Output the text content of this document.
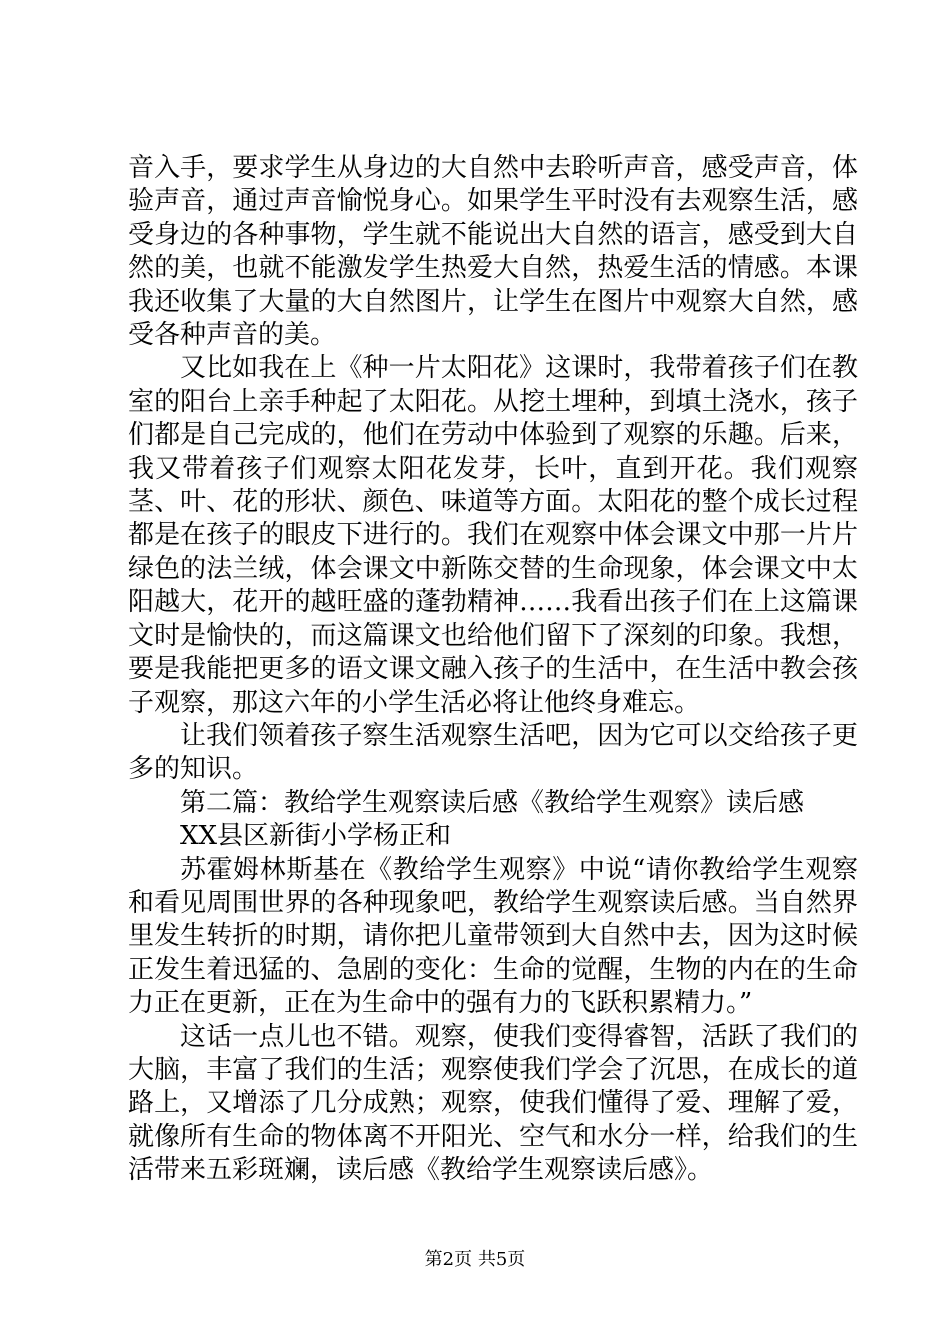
音入手，要求学生从身边的大自然中去聆听声音，感受声音，体验声音，通过声音愉悦身心。如果学生平时没有去观察生活，感受身边的各种事物，学生就不能说出大自然的语言，感受到大自然的美，也就不能激发学生热爱大自然，热爱生活的情感。本课我还收集了大量的大自然图片，让学生在图片中观察大自然，感受各种声音的美。

又比如我在上《种一片太阳花》这课时，我带着孩子们在教室的阳台上亲手种起了太阳花。从挖土埋种，到填土浇水，孩子们都是自己完成的，他们在劳动中体验到了观察的乐趣。后来，我又带着孩子们观察太阳花发芽，长叶，直到开花。我们观察茎、叶、花的形状、颜色、味道等方面。太阳花的整个成长过程都是在孩子的眼皮下进行的。我们在观察中体会课文中那一片片绿色的法兰绒，体会课文中新陈交替的生命现象，体会课文中太阳越大，花开的越旺盛的蓬勃精神……我看出孩子们在上这篇课文时是愉快的，而这篇课文也给他们留下了深刻的印象。我想，要是我能把更多的语文课文融入孩子的生活中，在生活中教会孩子观察，那这六年的小学生活必将让他终身难忘。

让我们领着孩子察生活观察生活吧，因为它可以交给孩子更多的知识。

第二篇：教给学生观察读后感《教给学生观察》读后感

XX县区新街小学杨正和

苏霍姆林斯基在《教给学生观察》中说“请你教给学生观察和看见周围世界的各种现象吧，教给学生观察读后感。当自然界里发生转折的时期，请你把儿童带领到大自然中去，因为这时候正发生着迅猛的、急剧的变化：生命的觉醒，生物的内在的生命力正在更新，正在为生命中的强有力的飞跃积累精力。”

这话一点儿也不错。观察，使我们变得睿智，活跃了我们的大脑，丰富了我们的生活；观察使我们学会了沉思，在成长的道路上，又增添了几分成熟；观察，使我们懂得了爱、理解了爱，就像所有生命的物体离不开阳光、空气和水分一样，给我们的生活带来五彩斑斓，读后感《教给学生观察读后感》。

第2页 共5页
